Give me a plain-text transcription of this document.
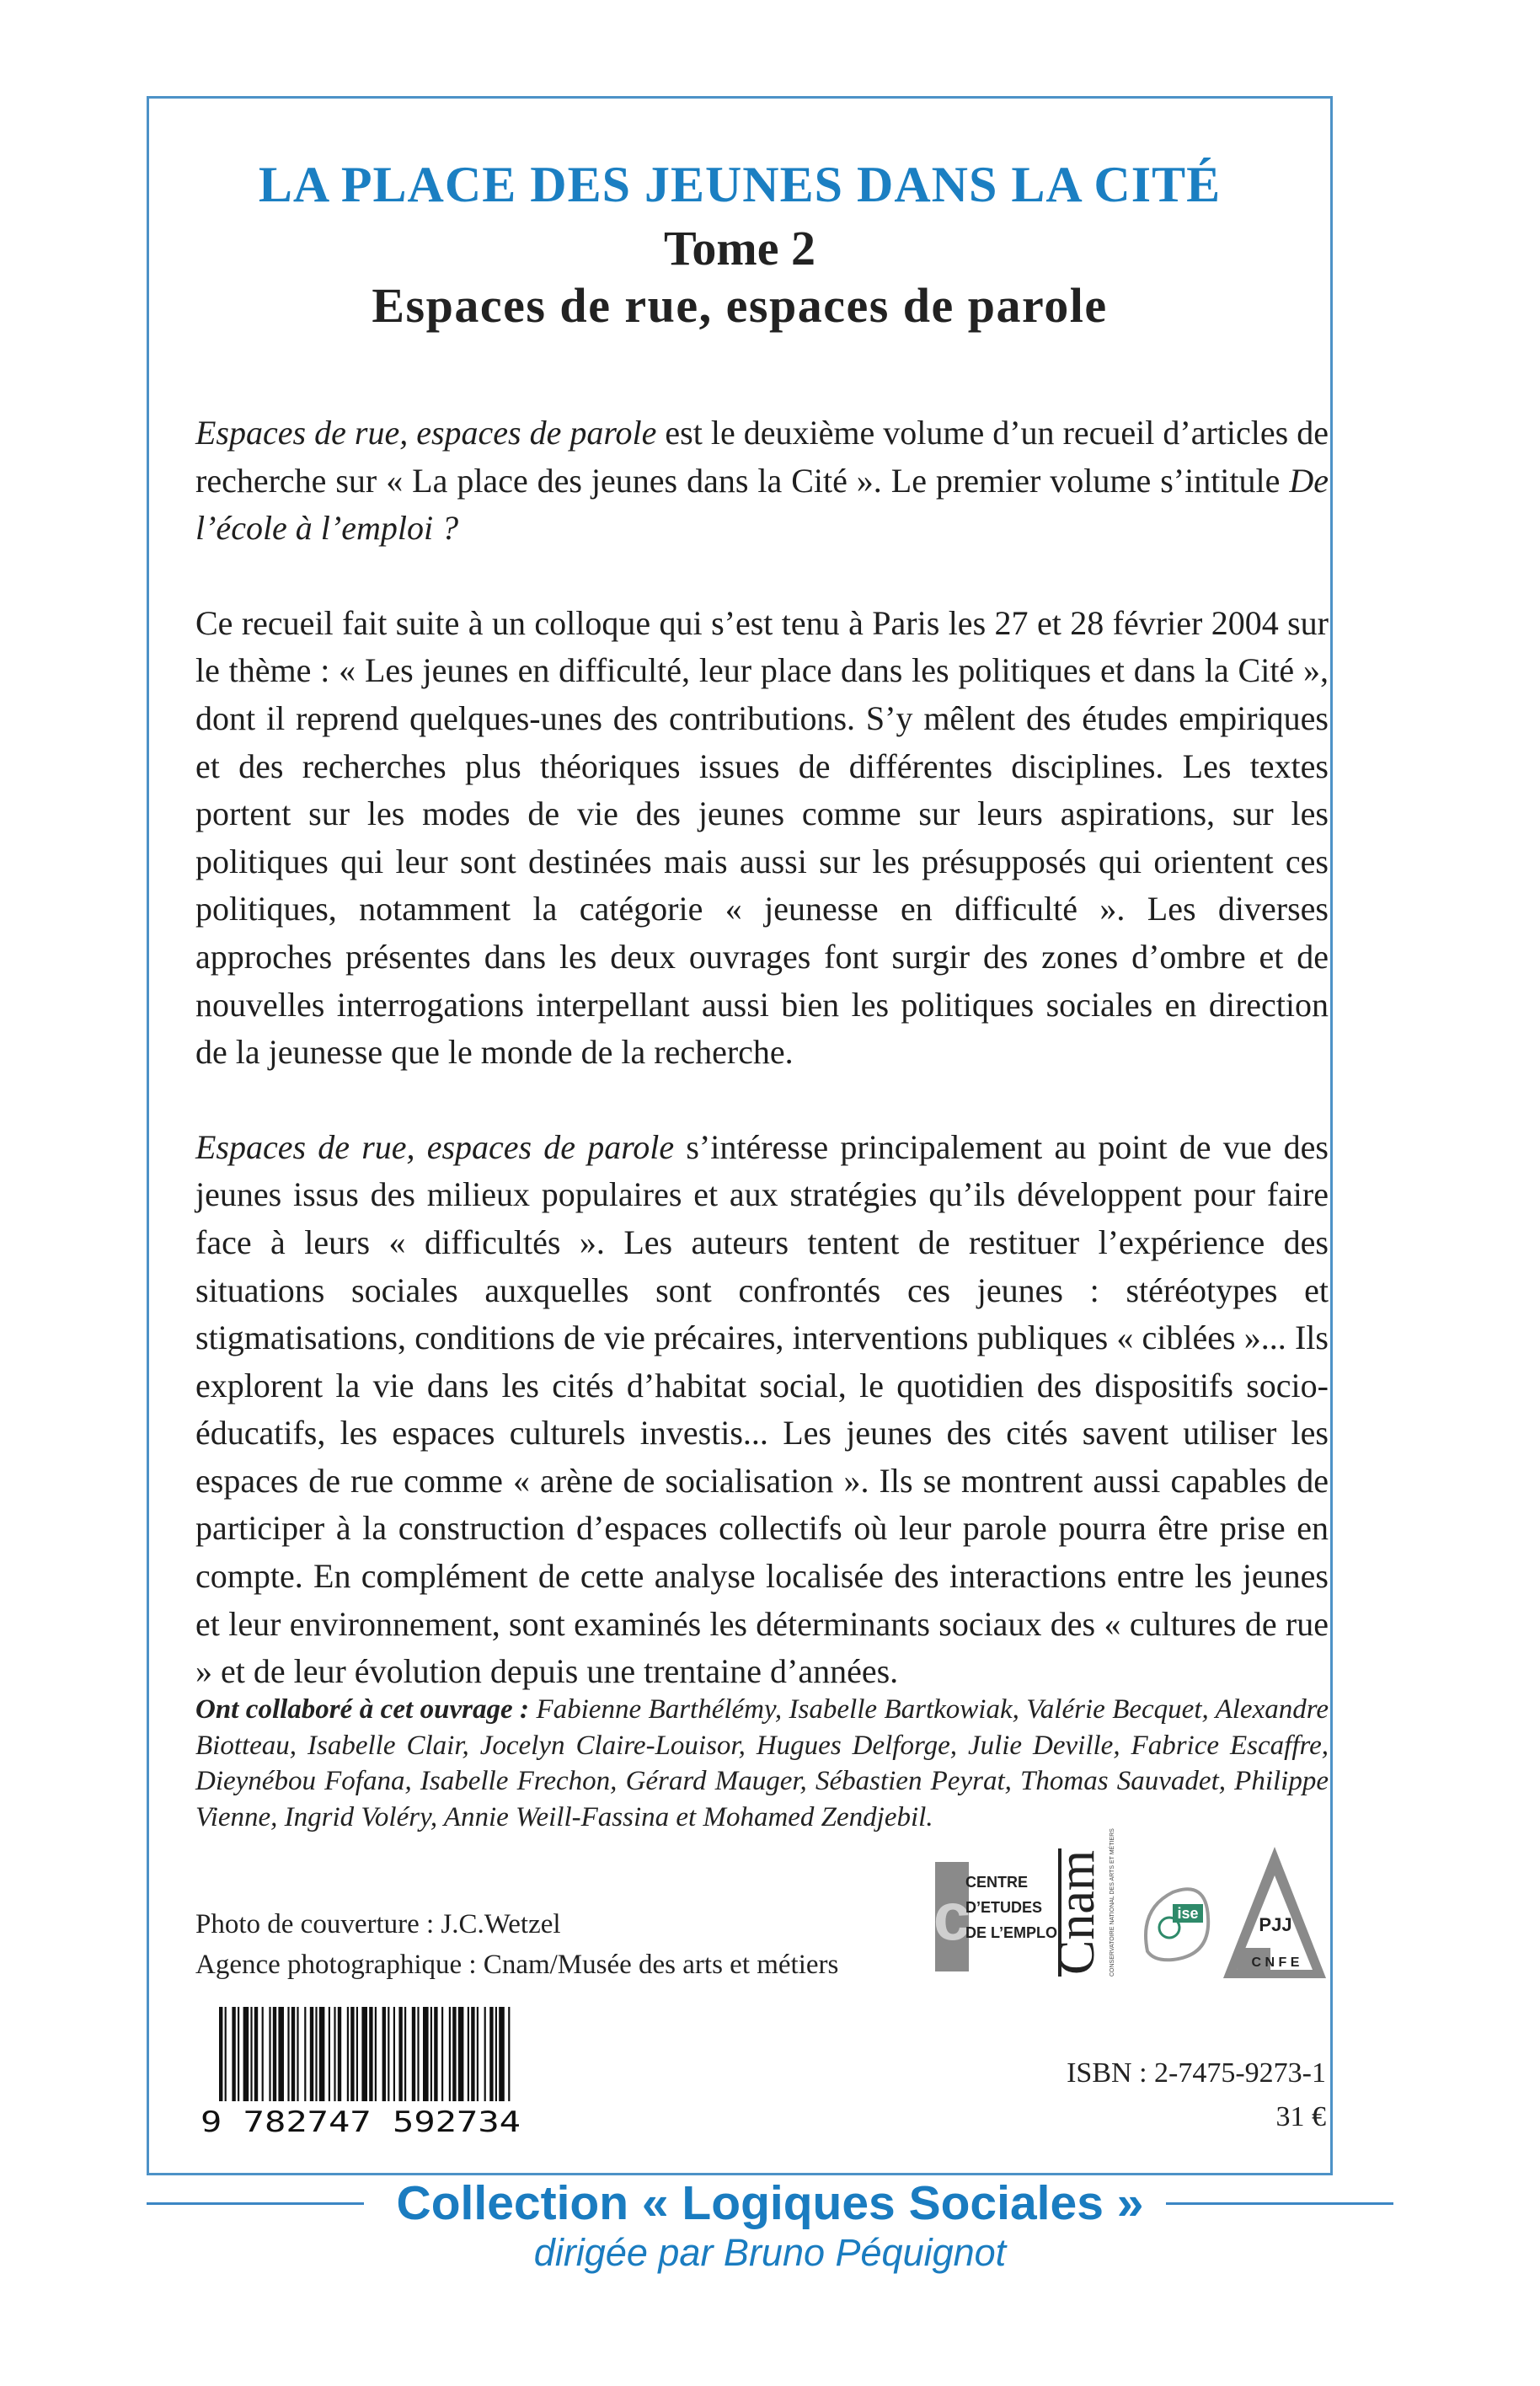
LA PLACE DES JEUNES DANS LA CITÉ
Tome 2
Espaces de rue, espaces de parole

Espaces de rue, espaces de parole est le deuxième volume d’un recueil d’articles de recherche sur « La place des jeunes dans la Cité ». Le premier volume s’intitule De l’école à l’emploi ?

Ce recueil fait suite à un colloque qui s’est tenu à Paris les 27 et 28 février 2004 sur le thème : « Les jeunes en difficulté, leur place dans les politiques et dans la Cité », dont il reprend quelques-unes des contributions. S’y mêlent des études empiriques et des recherches plus théoriques issues de différentes disciplines. Les textes portent sur les modes de vie des jeunes comme sur leurs aspirations, sur les politiques qui leur sont destinées mais aussi sur les présupposés qui orientent ces politiques, notamment la catégorie « jeunesse en difficulté ». Les diverses approches présentes dans les deux ouvrages font surgir des zones d’ombre et de nouvelles interrogations interpellant aussi bien les politiques sociales en direction de la jeunesse que le monde de la recherche.

Espaces de rue, espaces de parole s’intéresse principalement au point de vue des jeunes issus des milieux populaires et aux stratégies qu’ils développent pour faire face à leurs « difficultés ». Les auteurs tentent de restituer l’expérience des situations sociales auxquelles sont confrontés ces jeunes : stéréotypes et stigmatisations, conditions de vie précaires, interventions publiques « ciblées »... Ils explorent la vie dans les cités d’habitat social, le quotidien des dispositifs socio-éducatifs, les espaces culturels investis... Les jeunes des cités savent utiliser les espaces de rue comme « arène de socialisation ». Ils se montrent aussi capables de participer à la construction d’espaces collectifs où leur parole pourra être prise en compte. En complément de cette analyse localisée des interactions entre les jeunes et leur environnement, sont examinés les déterminants sociaux des « cultures de rue » et de leur évolution depuis une trentaine d’années.

Ont collaboré à cet ouvrage : Fabienne Barthélémy, Isabelle Bartkowiak, Valérie Becquet, Alexandre Biotteau, Isabelle Clair, Jocelyn Claire-Louisor, Hugues Delforge, Julie Deville, Fabrice Escaffre, Dieynébou Fofana, Isabelle Frechon, Gérard Mauger, Sébastien Peyrat, Thomas Sauvadet, Philippe Vienne, Ingrid Voléry, Annie Weill-Fassina et Mohamed Zendjebil.
Photo de couverture : J.C.Wetzel
Agence photographique : Cnam/Musée des arts et métiers
c
CENTRE
D’ETUDES
DE L’EMPLOI
Cnam CONSERVATOIRE NATIONAL DES ARTS ET MÉTIERS	ise
PJJ
C N F E
9 782747 592734
ISBN : 2-7475-9273-1
31 €
Collection « Logiques Sociales »
dirigée par Bruno Péquignot
